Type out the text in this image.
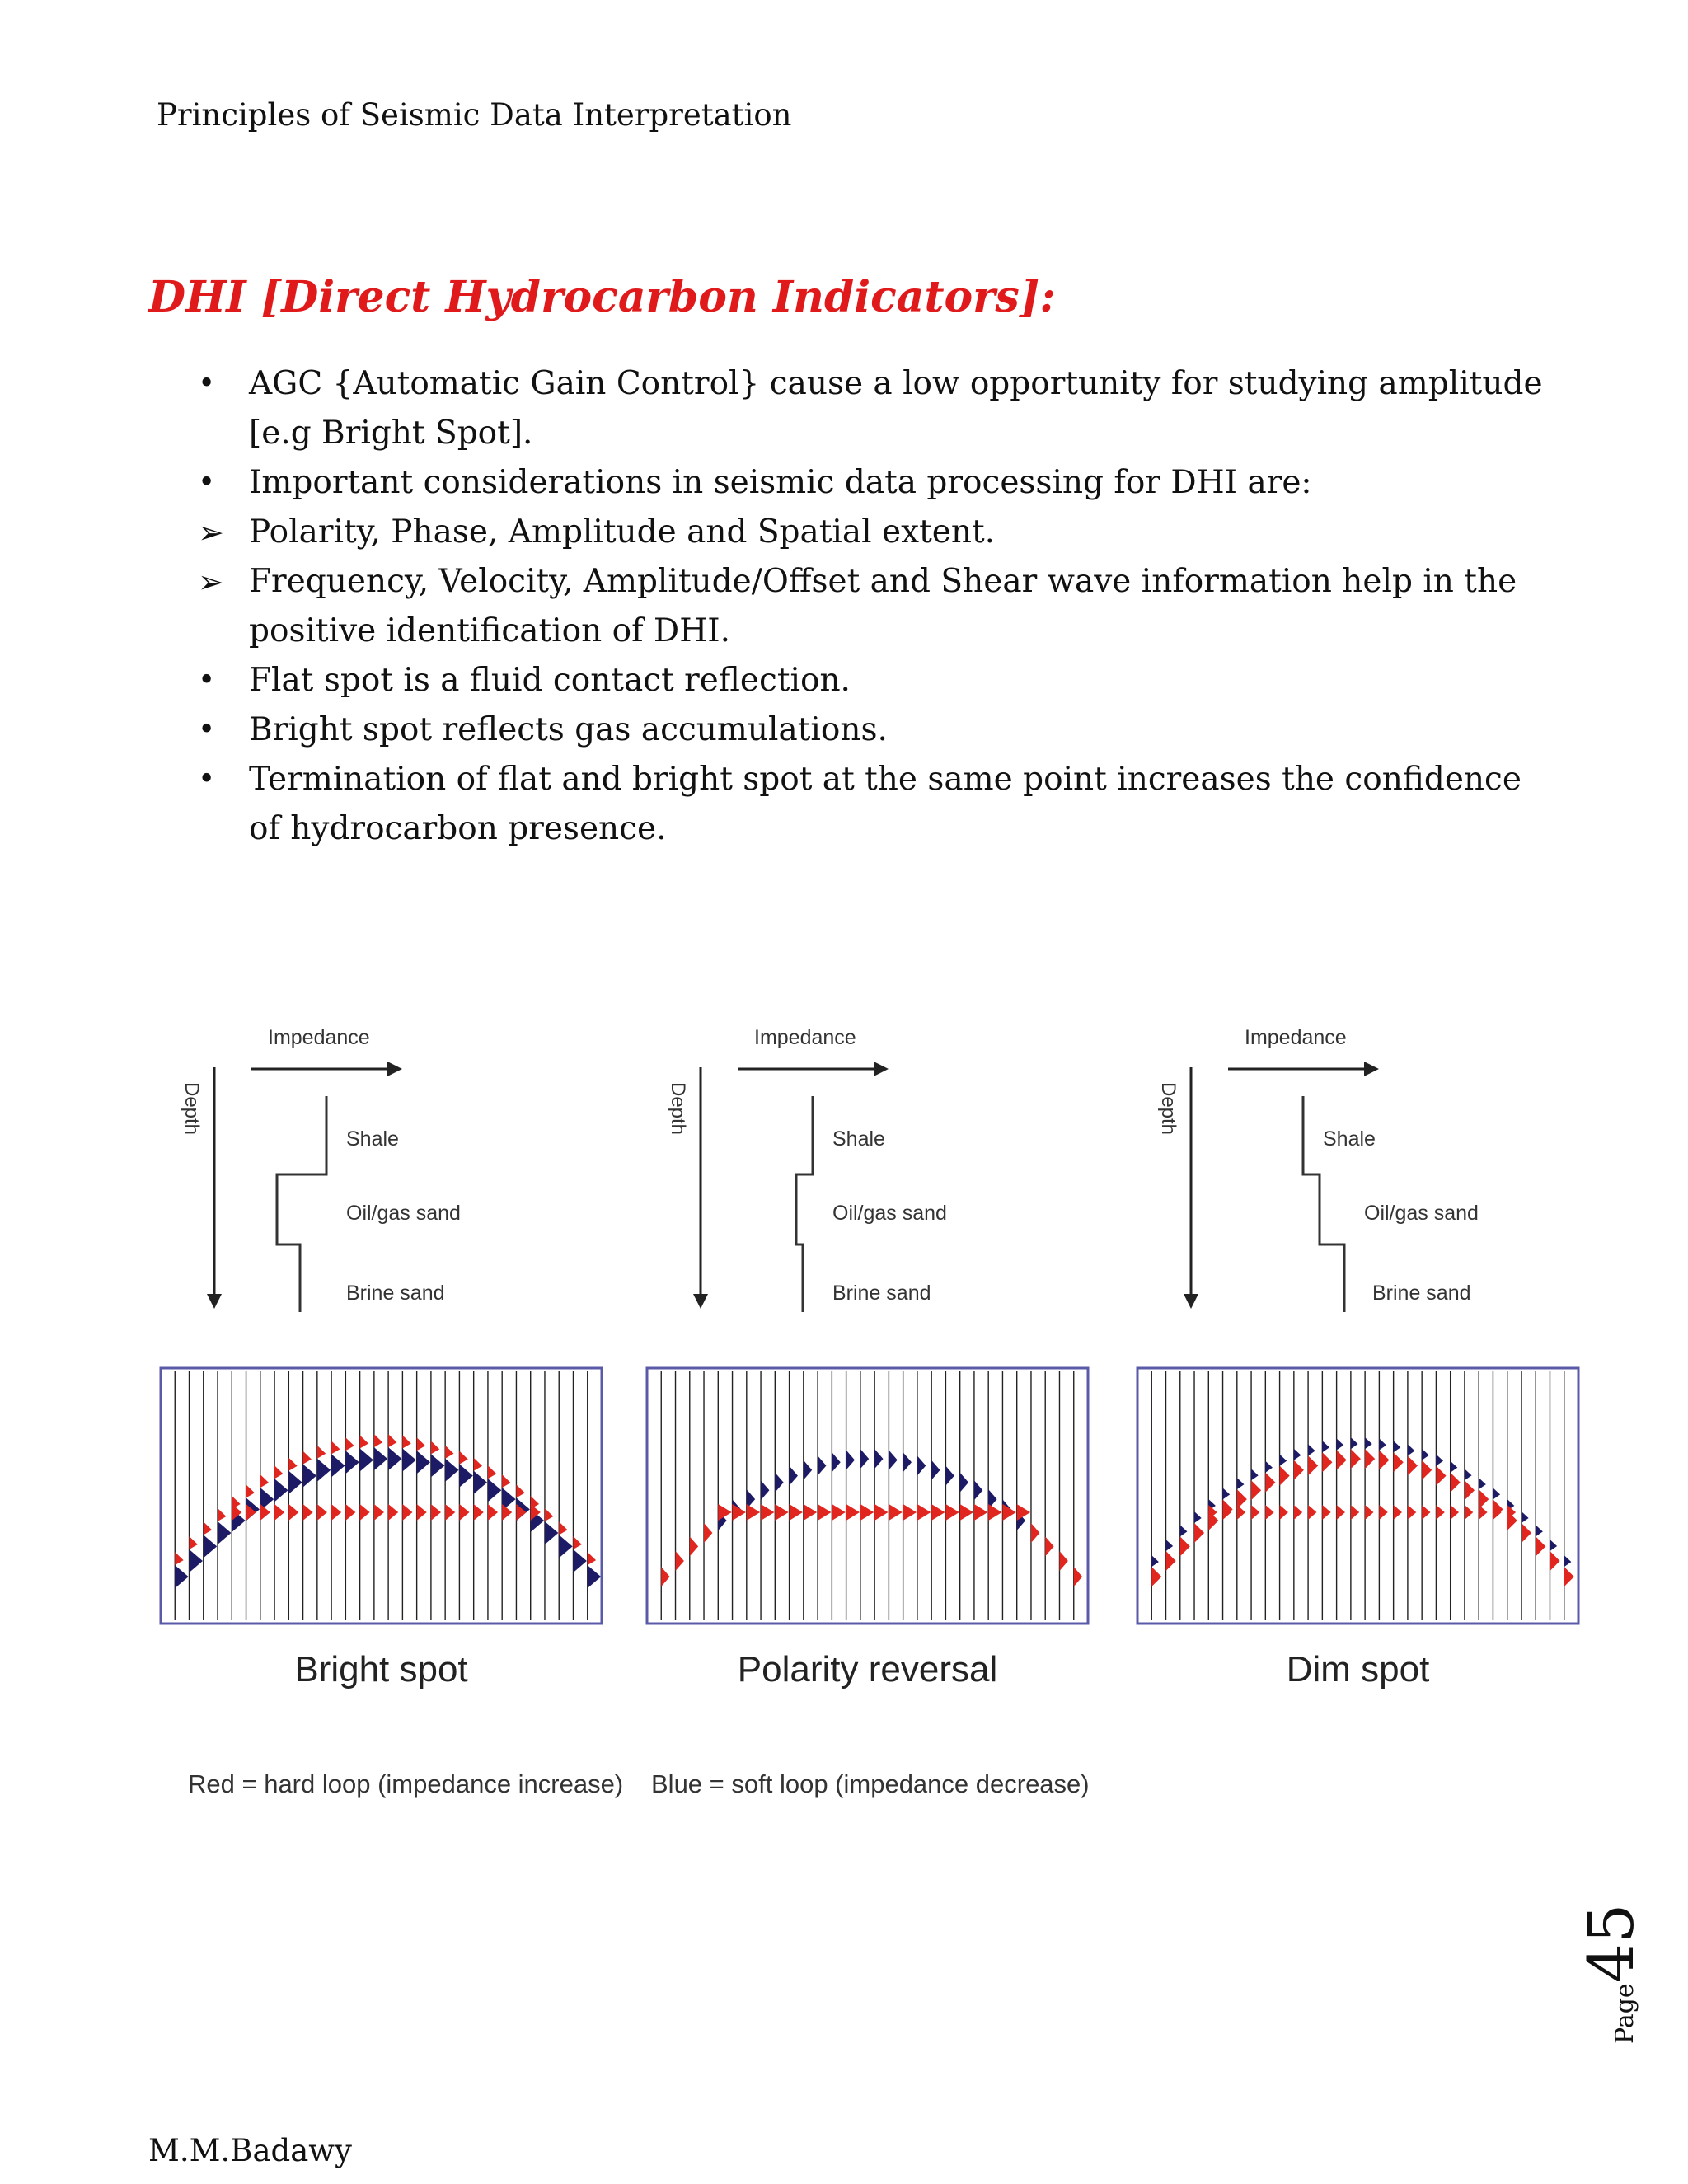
Principles of Seismic Data Interpretation
DHI [Direct Hydrocarbon Indicators]:
•	AGC {Automatic Gain Control} cause a low opportunity for studying amplitude [e.g Bright Spot].
•	Important considerations in seismic data processing for DHI are:
➢ Polarity, Phase, Amplitude and Spatial extent.
➢ Frequency, Velocity, Amplitude/Offset and Shear wave information help in the positive identification of DHI.
•	Flat spot is a fluid contact reflection.
•	Bright spot reflects gas accumulations.
•	Termination of flat and bright spot at the same point increases the confidence of hydrocarbon presence.
Impedance
Depth
Shale
Oil/gas sand
Brine sand
Bright spot
Impedance
Depth
Shale
Oil/gas sand
Brine sand
Polarity reversal
Impedance
Depth
Shale
Oil/gas sand
Brine sand
Dim spot
Red = hard loop (impedance increase) Blue = soft loop (impedance decrease)
M.M.Badawy
Page45
